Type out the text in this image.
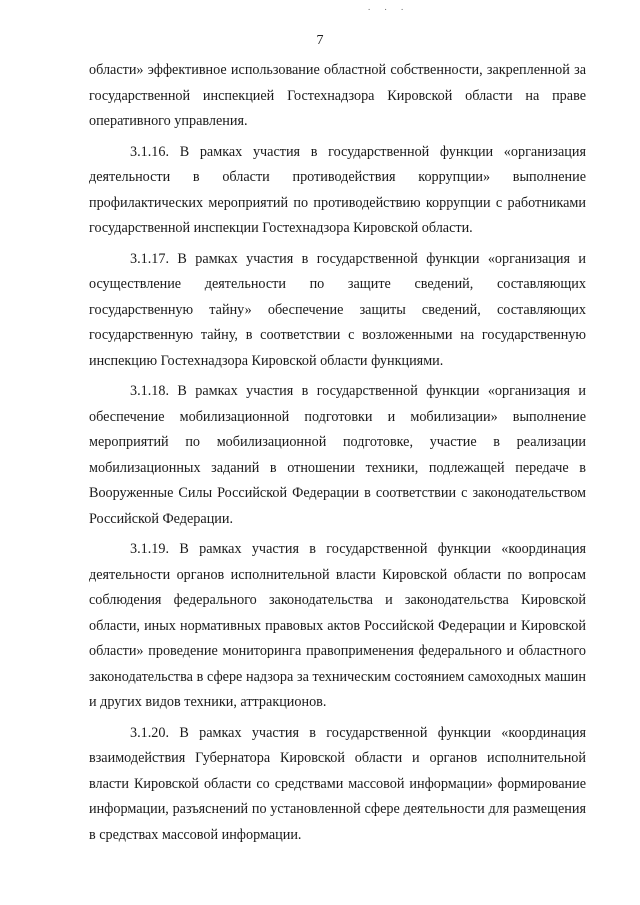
. . .
7

области» эффективное использование областной собственности, закрепленной за государственной инспекцией Гостехнадзора Кировской области на праве оперативного управления.

3.1.16. В рамках участия в государственной функции «организация деятельности в области противодействия коррупции» выполнение профилактических мероприятий по противодействию коррупции с работниками государственной инспекции Гостехнадзора Кировской области.

3.1.17. В рамках участия в государственной функции «организация и осуществление деятельности по защите сведений, составляющих государственную тайну» обеспечение защиты сведений, составляющих государственную тайну, в соответствии с возложенными на государственную инспекцию Гостехнадзора Кировской области функциями.

3.1.18. В рамках участия в государственной функции «организация и обеспечение мобилизационной подготовки и мобилизации» выполнение мероприятий по мобилизационной подготовке, участие в реализации мобилизационных заданий в отношении техники, подлежащей передаче в Вооруженные Силы Российской Федерации в соответствии с законодательством Российской Федерации.

3.1.19. В рамках участия в государственной функции «координация деятельности органов исполнительной власти Кировской области по вопросам соблюдения федерального законодательства и законодательства Кировской области, иных нормативных правовых актов Российской Федерации и Кировской области» проведение мониторинга правоприменения федерального и областного законодательства в сфере надзора за техническим состоянием самоходных машин и других видов техники, аттракционов.

3.1.20. В рамках участия в государственной функции «координация взаимодействия Губернатора Кировской области и органов исполнительной власти Кировской области со средствами массовой информации» формирование информации, разъяснений по установленной сфере деятельности для размещения в средствах массовой информации.
